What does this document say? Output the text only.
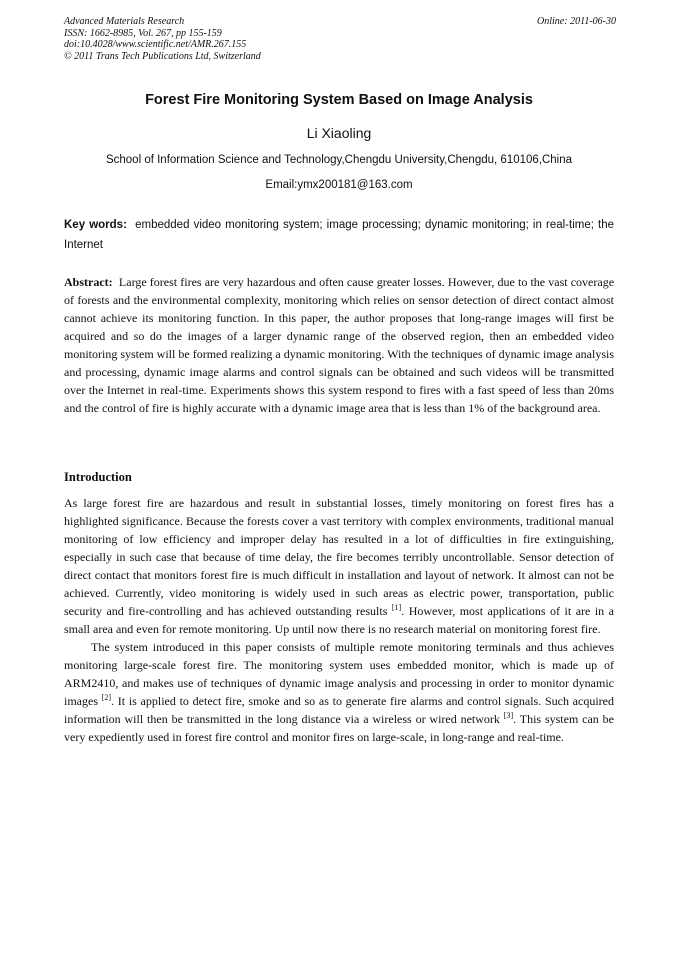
Advanced Materials Research
ISSN: 1662-8985, Vol. 267, pp 155-159
doi:10.4028/www.scientific.net/AMR.267.155
© 2011 Trans Tech Publications Ltd, Switzerland
Online: 2011-06-30
Forest Fire Monitoring System Based on Image Analysis
Li Xiaoling
School of Information Science and Technology,Chengdu University,Chengdu, 610106,China
Email:ymx200181@163.com
Key words: embedded video monitoring system; image processing; dynamic monitoring; in real-time; the Internet
Abstract: Large forest fires are very hazardous and often cause greater losses. However, due to the vast coverage of forests and the environmental complexity, monitoring which relies on sensor detection of direct contact almost cannot achieve its monitoring function. In this paper, the author proposes that long-range images will first be acquired and so do the images of a larger dynamic range of the observed region, then an embedded video monitoring system will be formed realizing a dynamic monitoring. With the techniques of dynamic image analysis and processing, dynamic image alarms and control signals can be obtained and such videos will be transmitted over the Internet in real-time. Experiments shows this system respond to fires with a fast speed of less than 20ms and the control of fire is highly accurate with a dynamic image area that is less than 1% of the background area.
Introduction

As large forest fire are hazardous and result in substantial losses, timely monitoring on forest fires has a highlighted significance. Because the forests cover a vast territory with complex environments, traditional manual monitoring of low efficiency and improper delay has resulted in a lot of difficulties in fire extinguishing, especially in such case that because of time delay, the fire becomes terribly uncontrollable. Sensor detection of direct contact that monitors forest fire is much difficult in installation and layout of network. It almost can not be achieved. Currently, video monitoring is widely used in such areas as electric power, transportation, public security and fire-controlling and has achieved outstanding results [1]. However, most applications of it are in a small area and even for remote monitoring. Up until now there is no research material on monitoring forest fire.

The system introduced in this paper consists of multiple remote monitoring terminals and thus achieves monitoring large-scale forest fire. The monitoring system uses embedded monitor, which is made up of ARM2410, and makes use of techniques of dynamic image analysis and processing in order to monitor dynamic images [2]. It is applied to detect fire, smoke and so as to generate fire alarms and control signals. Such acquired information will then be transmitted in the long distance via a wireless or wired network [3]. This system can be very expediently used in forest fire control and monitor fires on large-scale, in long-range and real-time.
